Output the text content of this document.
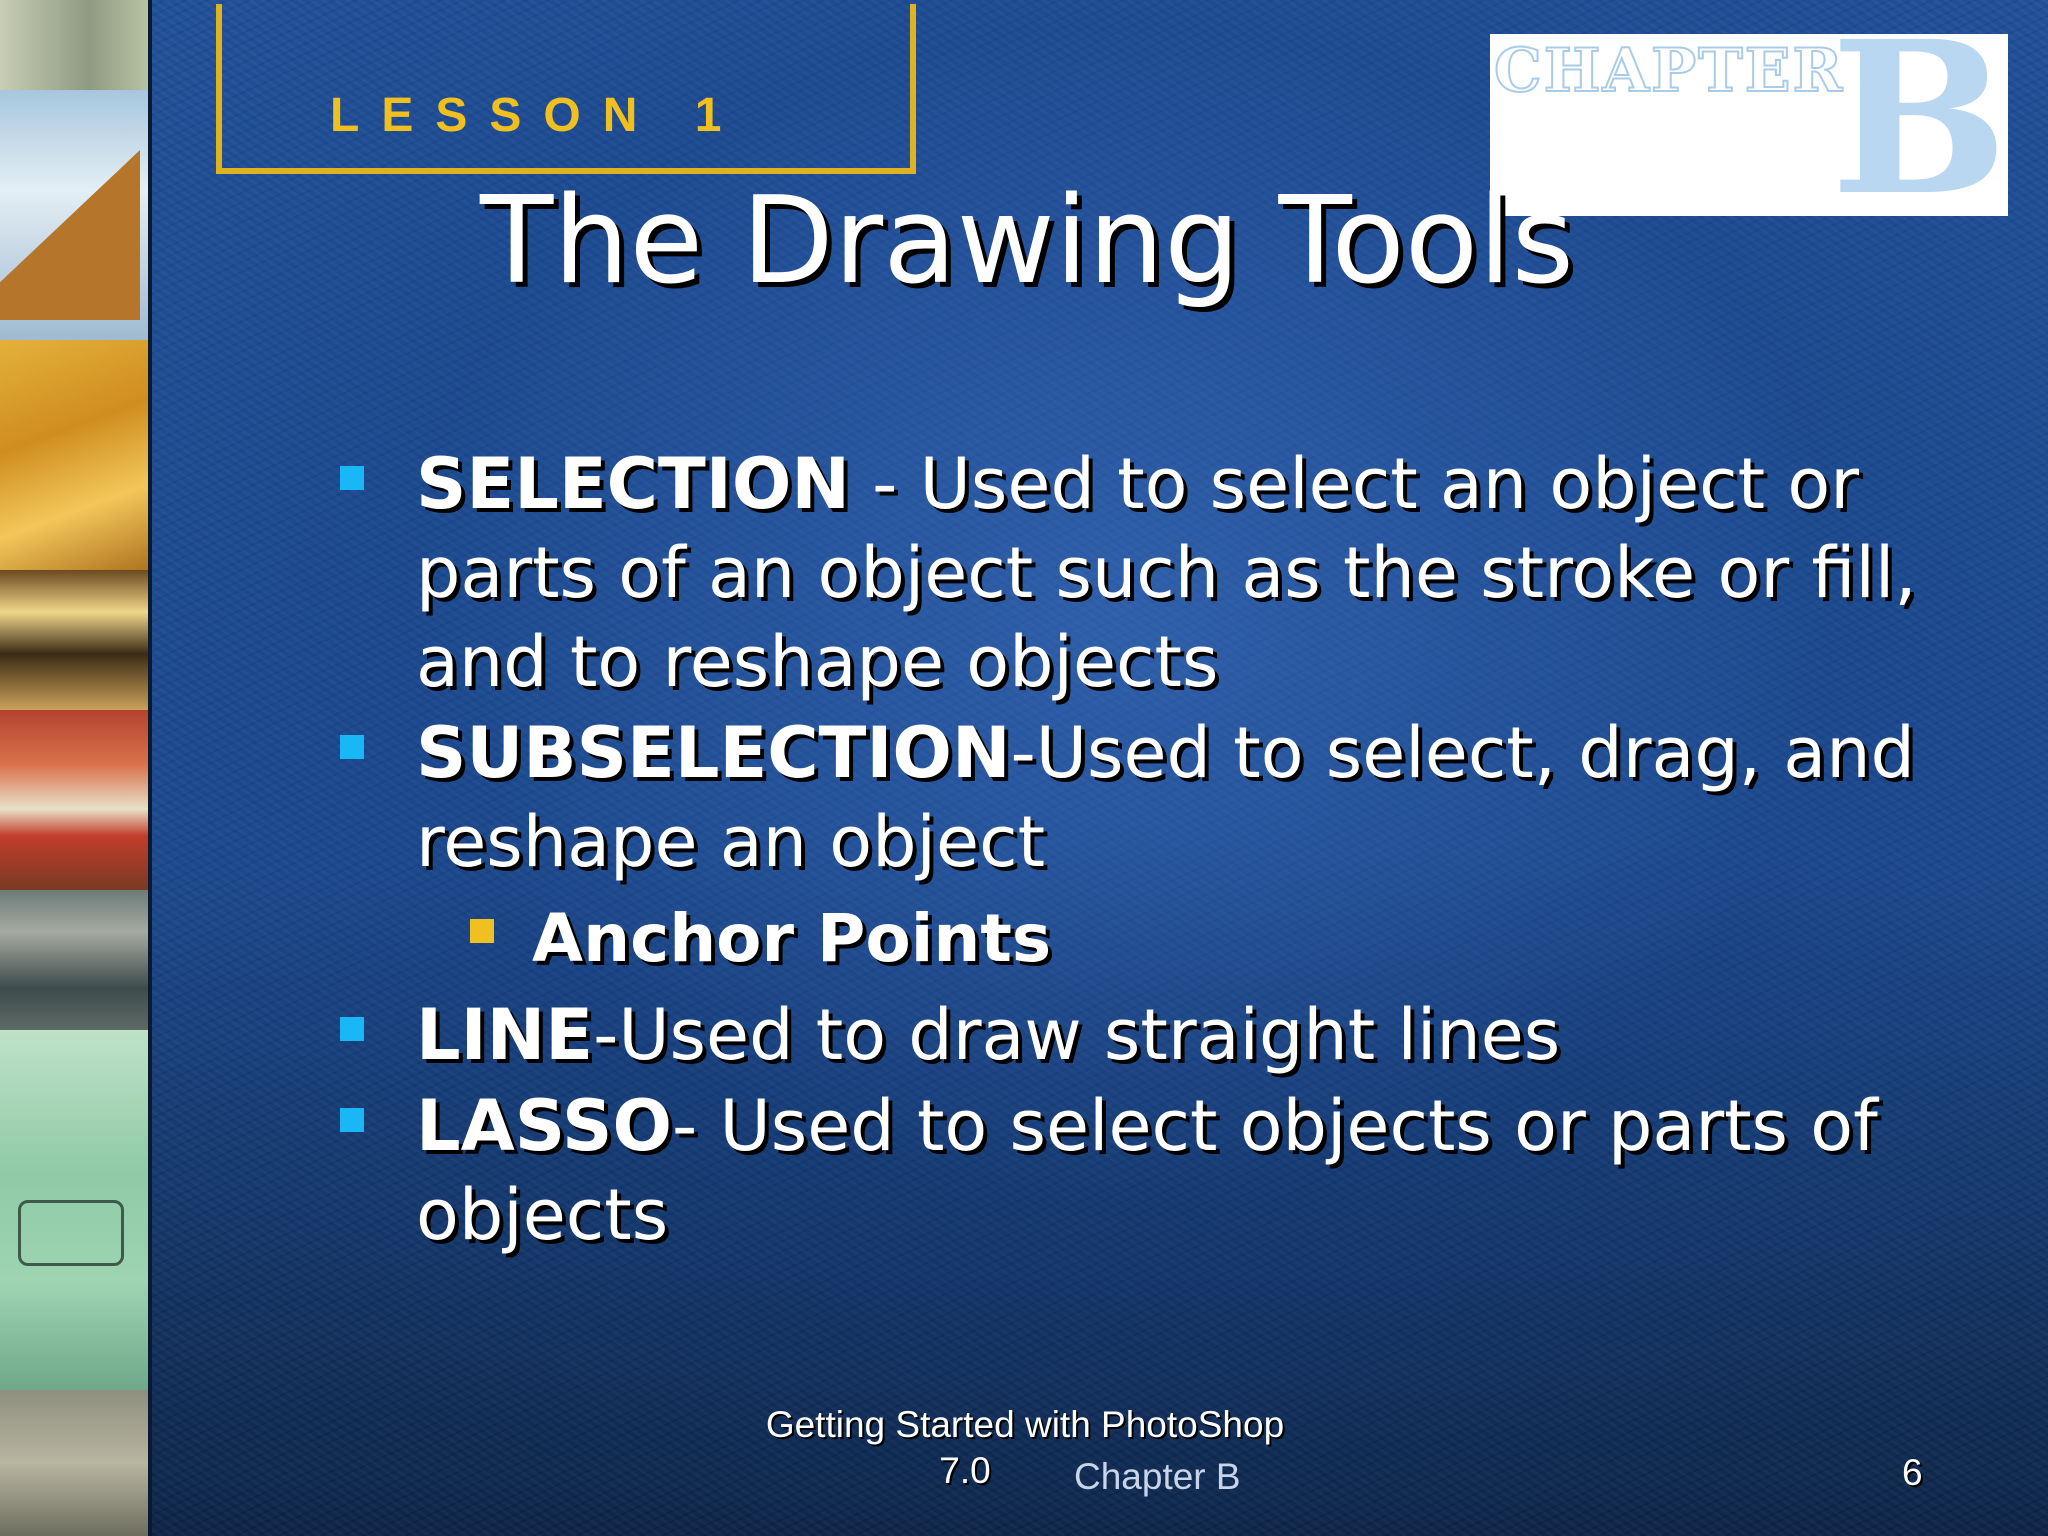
LESSON 1
CHAPTER
B
The Drawing Tools
SELECTION - Used to select an object or parts of an object such as the stroke or fill, and to reshape objects
SUBSELECTION-Used to select, drag, and reshape an object
Anchor Points
LINE-Used to draw straight lines
LASSO- Used to select objects or parts of objects
Getting Started with PhotoShop
7.0	Chapter B	6
